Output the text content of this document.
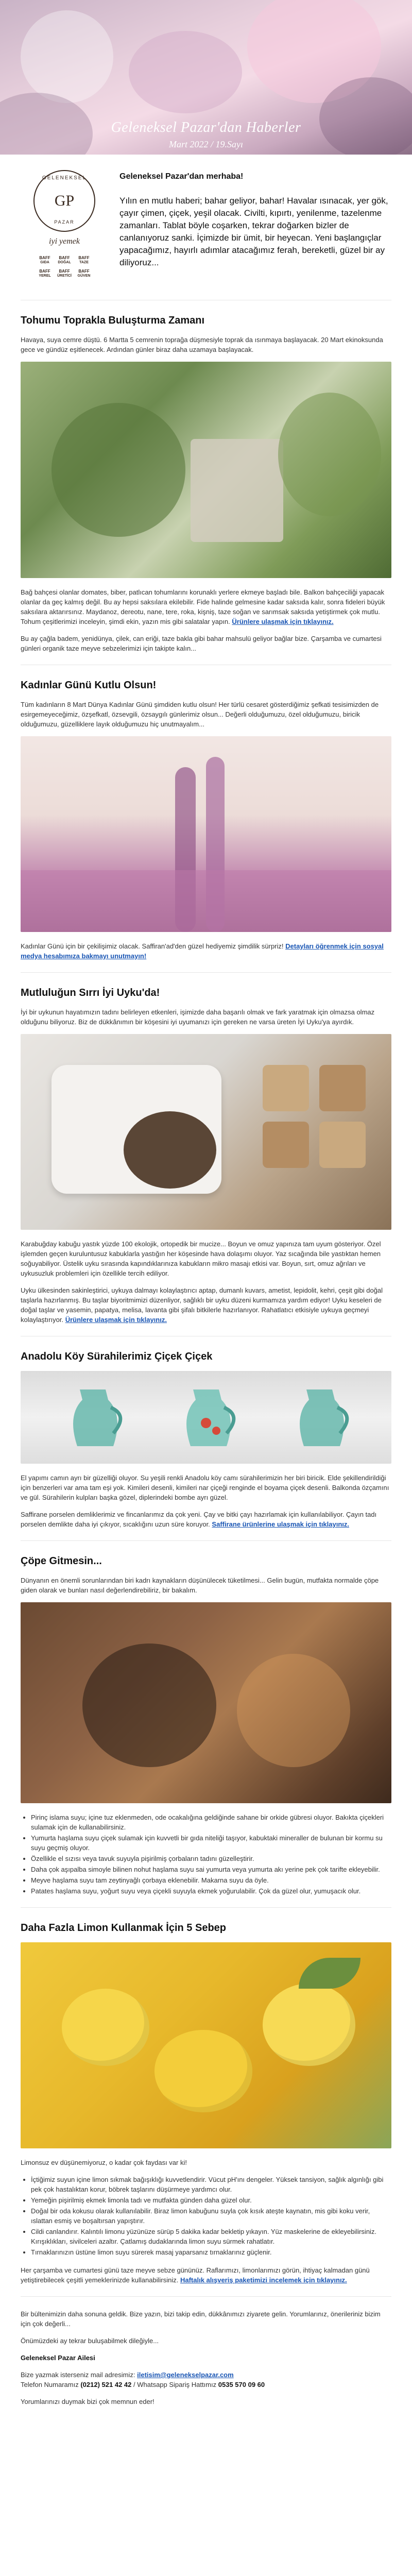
Geleneksel Pazar'dan Haberler
Mart 2022 / 19.Sayı
GELENEKSEL
GP
PAZAR
iyi yemek
BAFF
GIDA
BAFF
DOĞAL
BAFF
TAZE
BAFF
YEREL
BAFF
ÜRETİCİ
BAFF
GÜVEN
Geleneksel Pazar'dan merhaba!

Yılın en mutlu haberi; bahar geliyor, bahar! Havalar ısınacak, yer gök, çayır çimen, çiçek, yeşil olacak. Civilti, kıpırtı, yenilenme, tazelenme zamanları. Tablat böyle coşarken, tekrar doğarken bizler de canlanıyoruz sanki. İçimizde bir ümit, bir heyecan. Yeni başlangıçlar yapacağımız, hayırlı adımlar atacağımız ferah, bereketli, güzel bir ay diliyoruz...

Tohumu Toprakla Buluşturma Zamanı

Havaya, suya cemre düştü. 6 Martta 5 cemrenin toprağa düşmesiyle toprak da ısınmaya başlayacak. 20 Mart ekinoksunda gece ve gündüz eşitlenecek. Ardından günler biraz daha uzamaya başlayacak.

Bağ bahçesi olanlar domates, biber, patlıcan tohumlarını korunaklı yerlere ekmeye başladı bile. Balkon bahçeciliği yapacak olanlar da geç kalmış değil. Bu ay hepsi saksılara ekilebilir. Fide halinde gelmesine kadar saksıda kalır, sonra fideleri büyük saksılara aktarırsınız. Maydanoz, dereotu, nane, tere, roka, kişniş, taze soğan ve sarımsak saksıda yetiştirmek çok mutlu. Tohum çeşitlerimizi inceleyin, şimdi ekin, yazın mis gibi salatalar yapın. Ürünlere ulaşmak için tıklayınız.

Bu ay çağla badem, yenidünya, çilek, can eriği, taze bakla gibi bahar mahsulü geliyor bağlar bize. Çarşamba ve cumartesi günleri organik taze meyve sebzelerimizi için takipte kalın...

Kadınlar Günü Kutlu Olsun!

Tüm kadınların 8 Mart Dünya Kadınlar Günü şimdiden kutlu olsun! Her türlü cesaret gösterdiğimiz şefkati tesisimizden de esirgemeyeceğimiz, özşefkatl, özsevgili, özsaygılı günlerimiz olsun... Değerli olduğumuzu, özel olduğumuzu, biricik olduğumuzu, güzelliklere layık olduğumuzu hiç unutmayalım...

Kadınlar Günü için bir çekilişimiz olacak. Saffiran'ad'den güzel hediyemiz şimdilik sürpriz! Detayları öğrenmek için sosyal medya hesabımıza bakmayı unutmayın!

Mutluluğun Sırrı İyi Uyku'da!

İyi bir uykunun hayatımızın tadını belirleyen etkenleri, işimizde daha başarılı olmak ve fark yaratmak için olmazsa olmaz olduğunu biliyoruz. Biz de dükkânımın bir köşesini iyi uyumanızı için gereken ne varsa üreten İyi Uyku'ya ayırdık.

Karabuğday kabuğu yastık yüzde 100 ekolojik, ortopedik bir mucize... Boyun ve omuz yapınıza tam uyum gösteriyor. Özel işlemden geçen kuruluntusuz kabuklarla yastığın her köşesinde hava dolaşımı oluyor. Yaz sıcağında bile yastıktan hemen soğuyabiliyor. Üstelik uyku sırasında kapındıklarınıza kabukların mikro masajı etkisi var. Boyun, sırt, omuz ağrıları ve uykusuzluk problemleri için özellikle tercih ediliyor.

Uyku ülkesinden sakinleştirici, uykuya dalmayı kolaylaştırıcı aptap, dumanlı kuvars, ametist, lepidolit, kehri, çeşit gibi doğal taşlarla hazırlanmış. Bu taşlar biyoritmimizi düzenliyor, sağlıklı bir uyku düzeni kurmamıza yardım ediyor! Uyku keseleri de doğal taşlar ve yasemin, papatya, melisa, lavanta gibi şifalı bitkilerle hazırlanıyor. Rahatlatıcı etkisiyle uykuya geçmeyi kolaylaştırıyor. Ürünlere ulaşmak için tıklayınız.

Anadolu Köy Sürahilerimiz Çiçek Çiçek

El yapımı camın ayrı bir güzelliği oluyor. Su yeşili renkli Anadolu köy camı sürahilerimizin her biri biricik. Elde şekillendirildiği için benzerleri var ama tam eşi yok. Kimileri desenli, kimileri nar çiçeği renginde el boyama çiçek desenli. Balkonda özçamını ve gül. Sürahilerin kulpları başka gözel, diplerindeki bombe ayrı güzel.

Saffirane porselen demliklerimiz ve fincanlarımız da çok yeni. Çay ve bitki çayı hazırlamak için kullanılabiliyor. Çayın tadı porselen demlikte daha iyi çıkıyor, sıcaklığını uzun süre koruyor. Saffirane ürünlerine ulaşmak için tıklayınız.

Çöpe Gitmesin...

Dünyanın en önemli sorunlarından biri kadrı kaynakların düşünülecek tüketilmesi... Gelin bugün, mutfakta normalde çöpe giden olarak ve bunları nasıl değerlendirebiliriz, bir bakalım.

• Pirinç islama suyu; içine tuz eklenmeden, ode ocakalığına geldiğinde sahane bir orkide gübresi oluyor. Bakıkta çiçekleri sulamak için de kullanabilirsiniz.
• Yumurta haşlama suyu çiçek sulamak için kuvvetli bir gıda niteliği taşıyor, kabuktaki mineraller de bulunan bir kormu su suyu geçmiş oluyor.
• Özellikle el sızısı veya tavuk suyuyla pişirilmiş çorbaların tadını güzelleştirir.
• Daha çok aşıpalba simoyle bilinen nohut haşlama suyu sai yumurta veya yumurta akı yerine pek çok tarifte ekleyebilir.
• Meyve haşlama suyu tam zeytinyağlı çorbaya eklenebilir. Makarna suyu da öyle.
• Patates haşlama suyu, yoğurt suyu veya çiçekli suyuyla ekmek yoğurulabilir. Çok da güzel olur, yumuşacık olur.
Daha Fazla Limon Kullanmak İçin 5 Sebep

Limonsuz ev düşünemiyoruz, o kadar çok faydası var ki!

• İçtiğimiz suyun içine limon sıkmak bağışıklığı kuvvetlendirir. Vücut pH'ını dengeler. Yüksek tansiyon, sağlık algınlığı gibi pek çok hastalıktan korur, böbrek taşlarını düşürmeye yardımcı olur.
• Yemeğin pişirilmiş ekmek limonla tadı ve mutfakta günden daha güzel olur.
• Doğal bir oda kokusu olarak kullanılabilir. Biraz limon kabuğunu suyla çok kısık ateşte kaynatın, mis gibi koku verir, ıslattan esmiş ve boşaltırsan yapıştırır.
• Cildi canlandırır. Kalıntılı limonu yüzünüze sürüp 5 dakika kadar bekletip yıkayın. Yüz maskelerine de ekleyebilirsiniz. Kırışıklıkları, sivilceleri azaltır. Çatlamış dudaklarında limon suyu sürmek rahatlatır.
• Tırnaklarınızın üstüne limon suyu sürerek masaj yaparsanız tırnaklarınız güçlenir.

Her çarşamba ve cumartesi günü taze meyve sebze gününüz. Raflarımızı, limonlarımızı görün, ihtiyaç kalmadan günü yetiştirebilecek çeşitli yemeklerinizde kullanabilirsiniz. Haftalık alışveriş paketimizi incelemek için tıklayınız.

Bir bültenimizin daha sonuna geldik. Bize yazın, bizi takip edin, dükkânımızı ziyarete gelin. Yorumlarınız, önerileriniz bizim için çok değerli...

Önümüzdeki ay tekrar buluşabilmek dileğiyle...

Geleneksel Pazar Ailesi

Bize yazmak isterseniz mail adresimiz: iletisim@gelenekselpazar.com
Telefon Numaramız (0212) 521 42 42 / Whatsapp Sipariş Hattımız 0535 570 09 60

Yorumlarınızı duymak bizi çok memnun eder!
